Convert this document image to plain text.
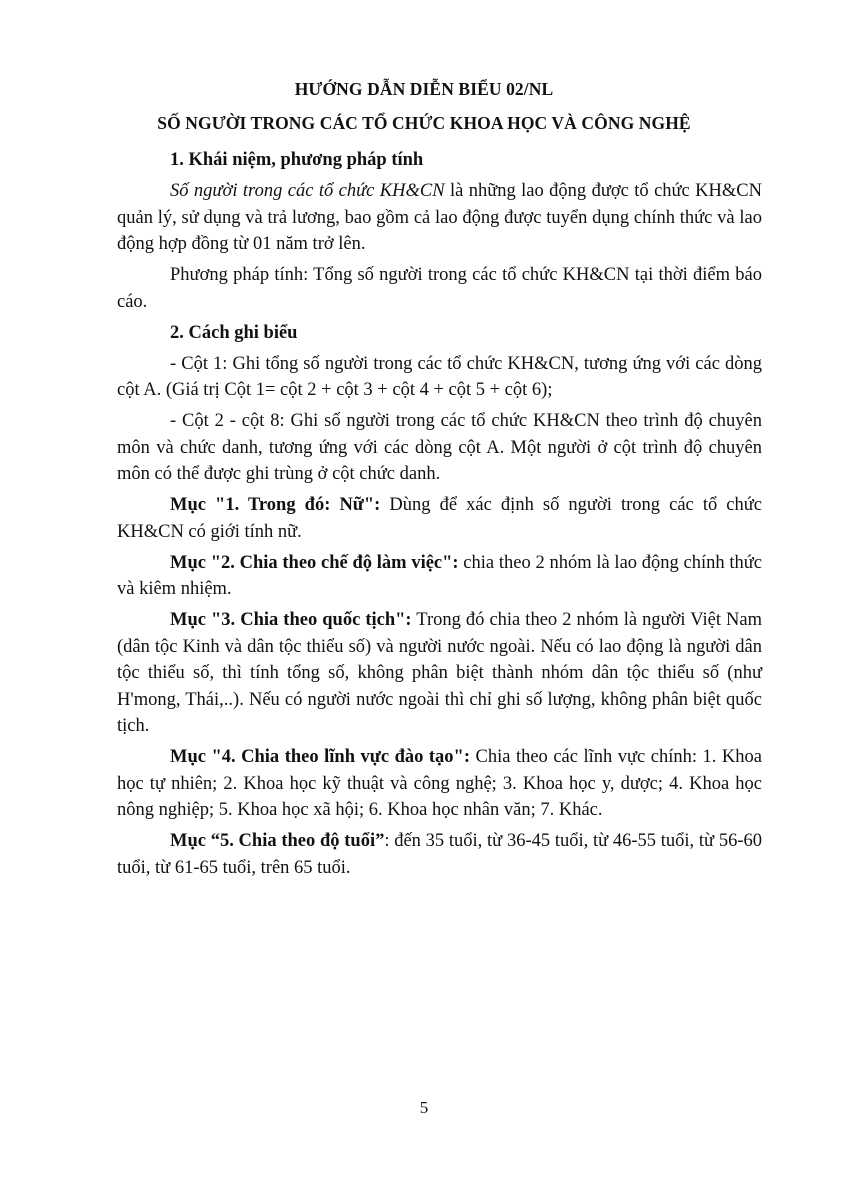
HƯỚNG DẪN DIỄN BIỂU 02/NL
SỐ NGƯỜI TRONG CÁC TỔ CHỨC KHOA HỌC VÀ CÔNG NGHỆ
1. Khái niệm, phương pháp tính

Số người trong các tổ chức KH&CN là những lao động được tổ chức KH&CN quản lý, sử dụng và trả lương, bao gồm cả lao động được tuyển dụng chính thức và lao động hợp đồng từ 01 năm trở lên.

Phương pháp tính: Tổng số người trong các tổ chức KH&CN tại thời điểm báo cáo.

2. Cách ghi biểu

- Cột 1: Ghi tổng số người trong các tổ chức KH&CN, tương ứng với các dòng cột A. (Giá trị Cột 1= cột 2 + cột 3 + cột 4 + cột 5 + cột 6);

- Cột 2 - cột 8: Ghi số người trong các tổ chức KH&CN theo trình độ chuyên môn và chức danh, tương ứng với các dòng cột A. Một người ở cột trình độ chuyên môn có thể được ghi trùng ở cột chức danh.

Mục "1. Trong đó: Nữ": Dùng để xác định số người trong các tổ chức KH&CN có giới tính nữ.

Mục "2. Chia theo chế độ làm việc": chia theo 2 nhóm là lao động chính thức và kiêm nhiệm.

Mục "3. Chia theo quốc tịch": Trong đó chia theo 2 nhóm là người Việt Nam (dân tộc Kinh và dân tộc thiểu số) và người nước ngoài. Nếu có lao động là người dân tộc thiểu số, thì tính tổng số, không phân biệt thành nhóm dân tộc thiểu số (như H'mong, Thái,..). Nếu có người nước ngoài thì chỉ ghi số lượng, không phân biệt quốc tịch.

Mục "4. Chia theo lĩnh vực đào tạo": Chia theo các lĩnh vực chính: 1. Khoa học tự nhiên; 2. Khoa học kỹ thuật và công nghệ; 3. Khoa học y, dược; 4. Khoa học nông nghiệp; 5. Khoa học xã hội; 6. Khoa học nhân văn; 7. Khác.

Mục “5. Chia theo độ tuổi”: đến 35 tuổi, từ 36-45 tuổi, từ 46-55 tuổi, từ 56-60 tuổi, từ 61-65 tuổi, trên 65 tuổi.

5
